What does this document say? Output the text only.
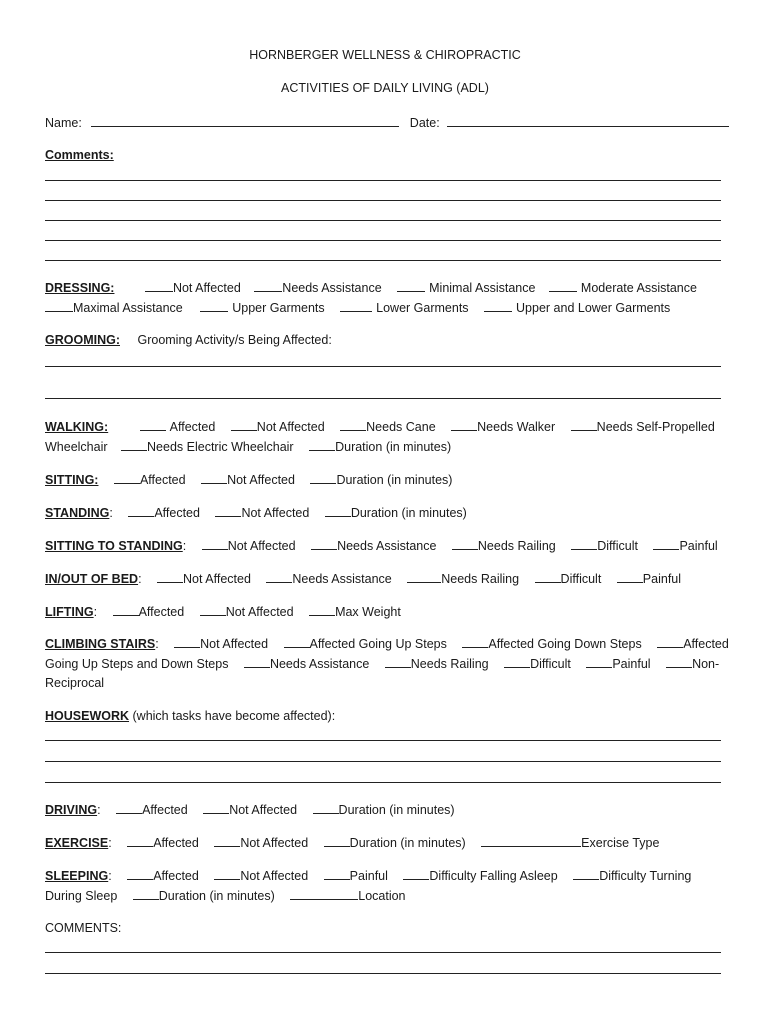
HORNBERGER WELLNESS & CHIROPRACTIC
ACTIVITIES OF DAILY LIVING (ADL)
Name:	Date:
Comments:
DRESSING:	Not Affected	Needs Assistance	Minimal Assistance	Moderate Assistance
Maximal Assistance	Upper Garments	Lower Garments	Upper and Lower Garments
GROOMING: Grooming Activity/s Being Affected:
WALKING:	Affected	Not Affected	Needs Cane	Needs Walker	Needs Self-Propelled
Wheelchair	Needs Electric Wheelchair	Duration (in minutes)
SITTING:	Affected	Not Affected	Duration (in minutes)
STANDING:	Affected	Not Affected	Duration (in minutes)
SITTING TO STANDING:	Not Affected	Needs Assistance	Needs Railing	Difficult	Painful
IN/OUT OF BED:	Not Affected	Needs Assistance	Needs Railing	Difficult	Painful
LIFTING:	Affected	Not Affected	Max Weight
CLIMBING STAIRS:	Not Affected	Affected Going Up Steps	Affected Going Down Steps	Affected
Going Up Steps and Down Steps	Needs Assistance	Needs Railing	Difficult	Painful	Non-
Reciprocal
HOUSEWORK (which tasks have become affected):
DRIVING:	Affected	Not Affected	Duration (in minutes)
EXERCISE:	Affected	Not Affected	Duration (in minutes)	Exercise Type
SLEEPING:	Affected	Not Affected	Painful	Difficulty Falling Asleep	Difficulty Turning
During Sleep	Duration (in minutes)	Location
COMMENTS:
